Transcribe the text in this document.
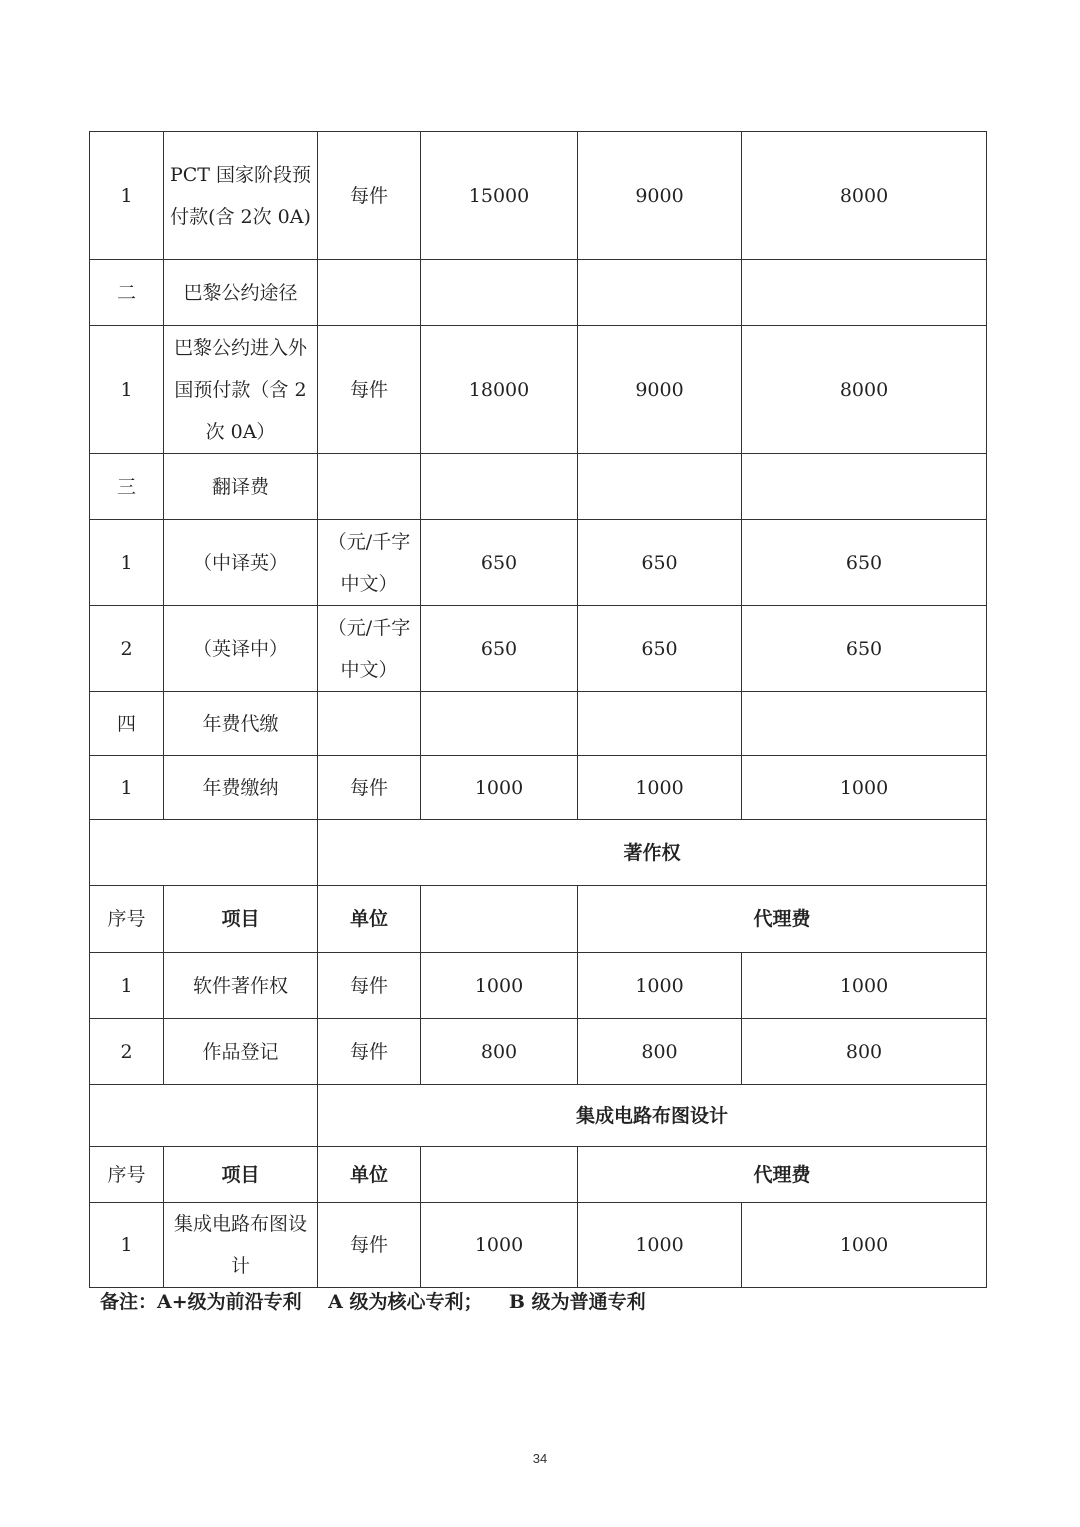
1	PCT 国家阶段预付款(含 2次 0A)	每件	15000	9000	8000
二	巴黎公约途径				
1	巴黎公约进入外国预付款（含 2 次 0A）	每件	18000	9000	8000
三	翻译费				
1	（中译英）	（元/千字中文）	650	650	650
2	（英译中）	（元/千字中文）	650	650	650
四	年费代缴				
1	年费缴纳	每件	1000	1000	1000
		著作权			
序号	项目	单位		代理费	
1	软件著作权	每件	1000	1000	1000
2	作品登记	每件	800	800	800
		集成电路布图设计			
序号	项目	单位		代理费	
1	集成电路布图设计	每件	1000	1000	1000
备注：A+级为前沿专利    A 级为核心专利；    B 级为普通专利
34
